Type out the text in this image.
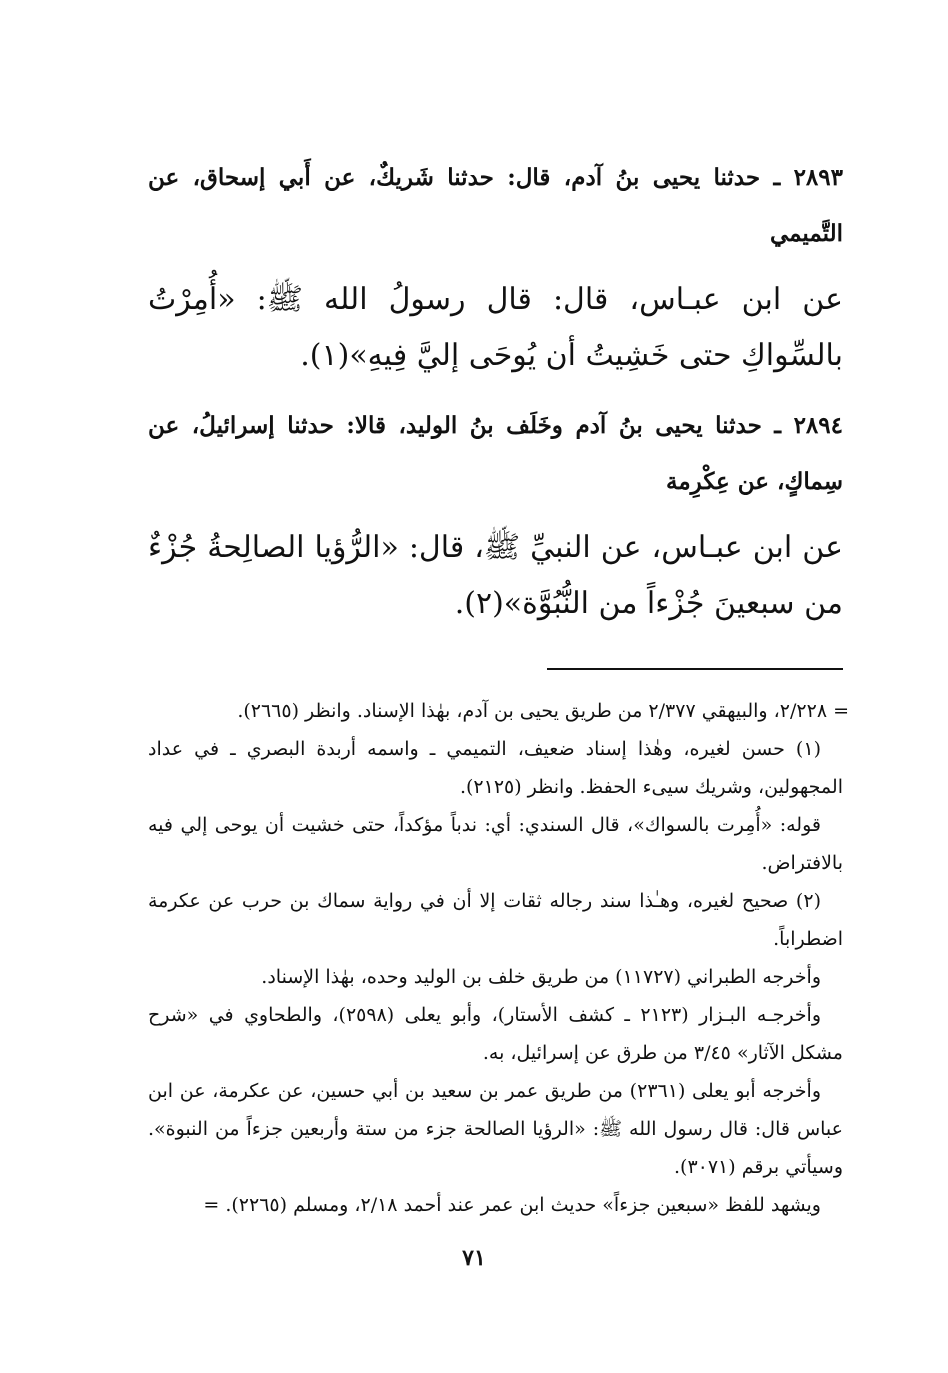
٢٨٩٣ ـ حدثنا يحيى بنُ آدم، قال: حدثنا شَريكٌ، عن أَبي إسحاق، عن التَّميمي

عن ابن عبـاس، قال: قال رسولُ الله ﷺ: «أُمِرْتُ بالسِّواكِ حتى خَشِيتُ أن يُوحَى إليَّ فِيهِ»(١).

٢٨٩٤ ـ حدثنا يحيى بنُ آدم وخَلَف بنُ الوليد، قالا: حدثنا إسرائيلُ، عن سِماكٍ، عن عِكْرِمة

عن ابن عبـاس، عن النبيِّ ﷺ، قال: «الرُّؤيا الصالِحةُ جُزْءٌ من سبعينَ جُزْءاً من النُّبُوَّة»(٢).

= ٢/٢٢٨، والبيهقي ٢/٣٧٧ من طريق يحيى بن آدم، بهٰذا الإسناد. وانظر (٢٦٦٥).

(١) حسن لغيره، وهٰذا إسناد ضعيف، التميمي ـ واسمه أربدة البصري ـ في عداد المجهولين، وشريك سيىء الحفظ. وانظر (٢١٢٥).

قوله: «أُمِرت بالسواك»، قال السندي: أي: ندباً مؤكداً، حتى خشيت أن يوحى إلي فيه بالافتراض.

(٢) صحيح لغيره، وهـٰذا سند رجاله ثقات إلا أن في رواية سماك بن حرب عن عكرمة اضطراباً.

وأخرجه الطبراني (١١٧٢٧) من طريق خلف بن الوليد وحده، بهٰذا الإسناد.

وأخرجـه البـزار (٢١٢٣ ـ كشف الأستار)، وأبو يعلى (٢٥٩٨)، والطحاوي في «شرح مشكل الآثار» ٣/٤٥ من طرق عن إسرائيل، به.

وأخرجه أبو يعلى (٢٣٦١) من طريق عمر بن سعيد بن أبي حسين، عن عكرمة، عن ابن عباس قال: قال رسول الله ﷺ: «الرؤيا الصالحة جزء من ستة وأربعين جزءاً من النبوة». وسيأتي برقم (٣٠٧١).

ويشهد للفظ «سبعين جزءاً» حديث ابن عمر عند أحمد ٢/١٨، ومسلم (٢٢٦٥). =

٧١
